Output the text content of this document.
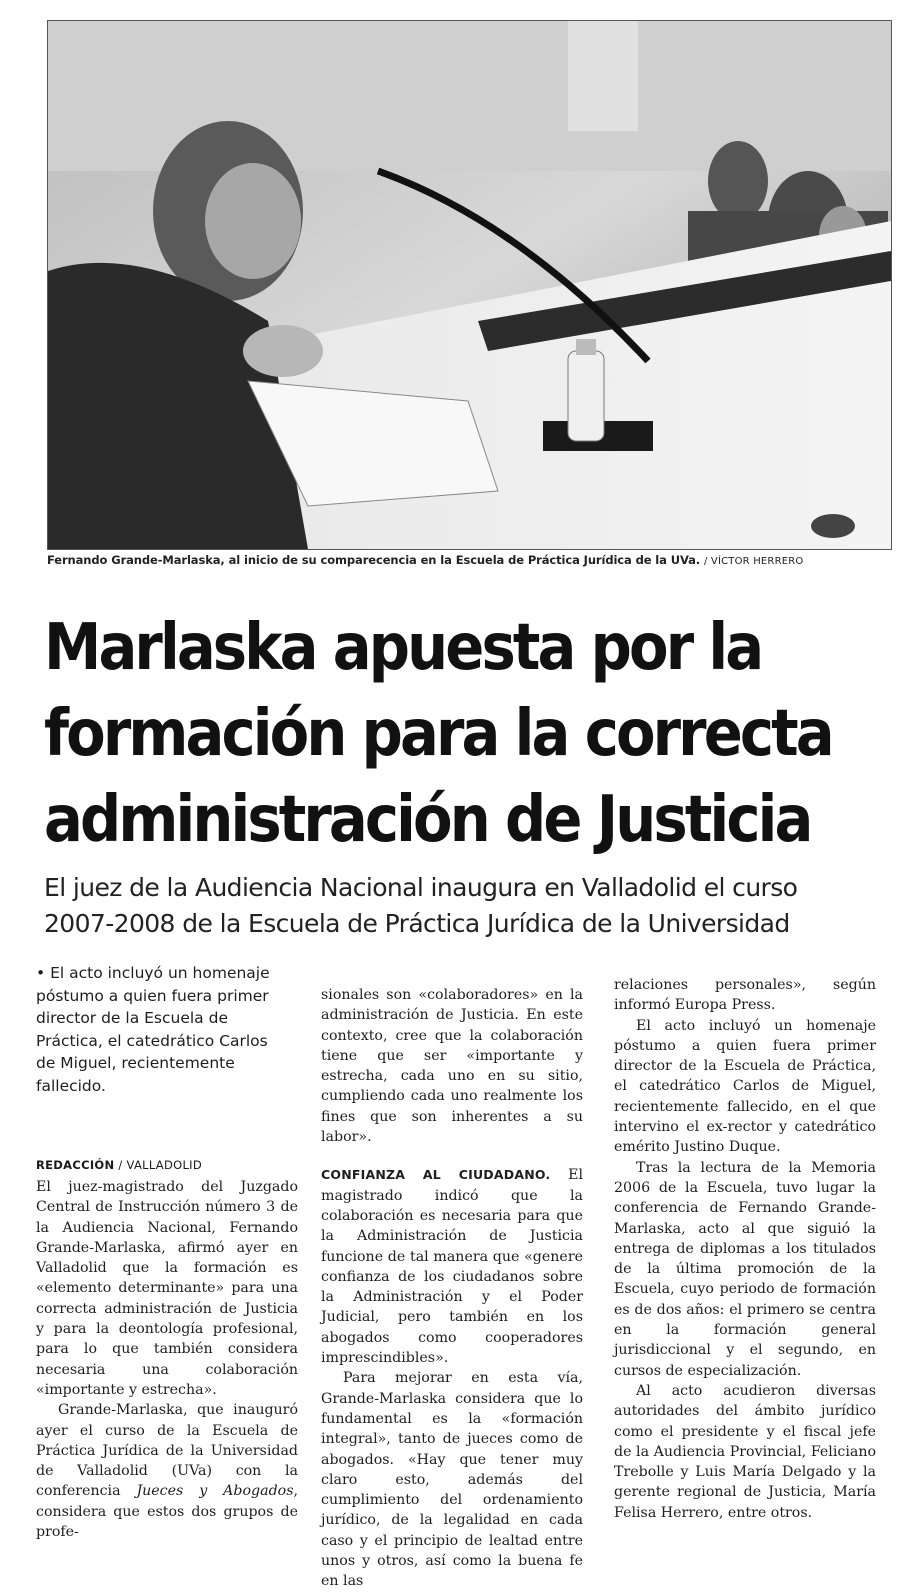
Fernando Grande-Marlaska, al inicio de su comparecencia en la Escuela de Práctica Jurídica de la UVa. / VÍCTOR HERRERO
Marlaska apuesta por la
formación para la correcta
administración de Justicia
El juez de la Audiencia Nacional inaugura en Valladolid el curso
2007-2008 de la Escuela de Práctica Jurídica de la Universidad
• El acto incluyó un homenaje póstumo a quien fuera primer director de la Escuela de Práctica, el catedrático Carlos de Miguel, recientemente fallecido.
REDACCIÓN / VALLADOLID

El juez-magistrado del Juzgado Central de Instrucción número 3 de la Audiencia Nacional, Fernando Grande-Marlaska, afirmó ayer en Valladolid que la formación es «elemento determinante» para una correcta administración de Justicia y para la deontología profesional, para lo que también considera necesaria una colaboración «importante y estrecha».

Grande-Marlaska, que inauguró ayer el curso de la Escuela de Práctica Jurídica de la Universidad de Valladolid (UVa) con la conferencia Jueces y Abogados, considera que estos dos grupos de profe-

sionales son «colaboradores» en la administración de Justicia. En este contexto, cree que la colaboración tiene que ser «importante y estrecha, cada uno en su sitio, cumpliendo cada uno realmente los fines que son inherentes a su labor».

CONFIANZA AL CIUDADANO. El magistrado indicó que la colaboración es necesaria para que la Administración de Justicia funcione de tal manera que «genere confianza de los ciudadanos sobre la Administración y el Poder Judicial, pero también en los abogados como cooperadores imprescindibles».

Para mejorar en esta vía, Grande-Marlaska considera que lo fundamental es la «formación integral», tanto de jueces como de abogados. «Hay que tener muy claro esto, además del cumplimiento del ordenamiento jurídico, de la legalidad en cada caso y el principio de lealtad entre unos y otros, así como la buena fe en las

relaciones personales», según informó Europa Press.

El acto incluyó un homenaje póstumo a quien fuera primer director de la Escuela de Práctica, el catedrático Carlos de Miguel, recientemente fallecido, en el que intervino el ex-rector y catedrático emérito Justino Duque.

Tras la lectura de la Memoria 2006 de la Escuela, tuvo lugar la conferencia de Fernando Grande-Marlaska, acto al que siguió la entrega de diplomas a los titulados de la última promoción de la Escuela, cuyo periodo de formación es de dos años: el primero se centra en la formación general jurisdiccional y el segundo, en cursos de especialización.

Al acto acudieron diversas autoridades del ámbito jurídico como el presidente y el fiscal jefe de la Audiencia Provincial, Feliciano Trebolle y Luis María Delgado y la gerente regional de Justicia, María Felisa Herrero, entre otros.
